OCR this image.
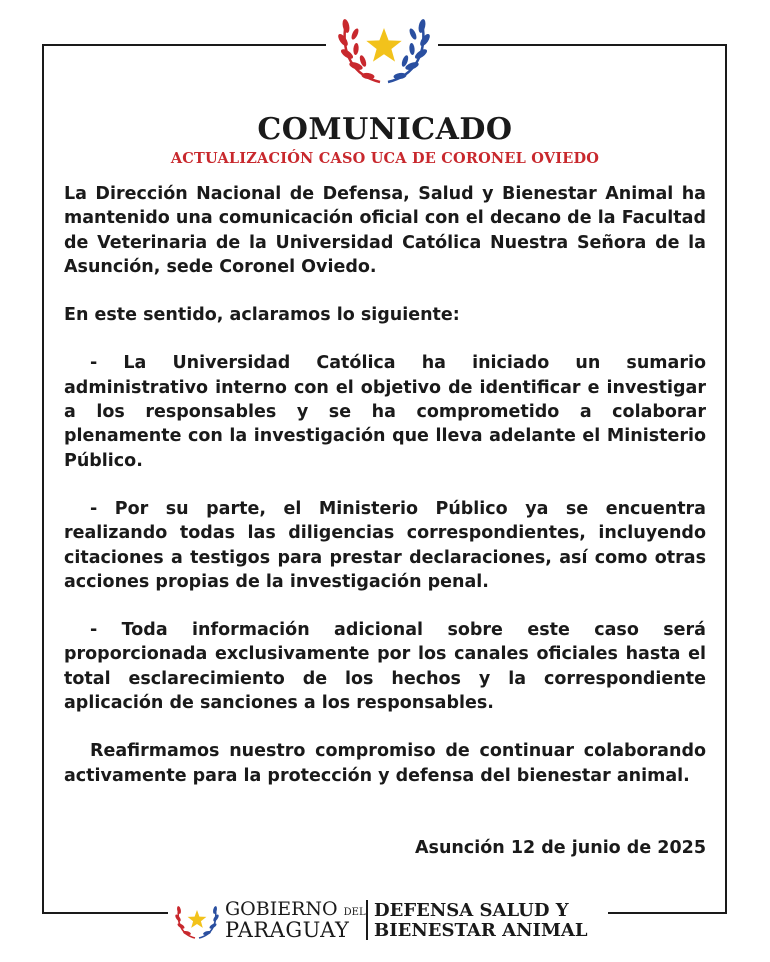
COMUNICADO
ACTUALIZACIÓN CASO UCA DE CORONEL OVIEDO

La Dirección Nacional de Defensa, Salud y Bienestar Animal ha mantenido una comunicación oficial con el decano de la Facultad de Veterinaria de la Universidad Católica Nuestra Señora de la Asunción, sede Coronel Oviedo.

En este sentido, aclaramos lo siguiente:

- La Universidad Católica ha iniciado un sumario administrativo interno con el objetivo de identificar e investigar a los responsables y se ha comprometido a colaborar plenamente con la investigación que lleva adelante el Ministerio Público.

- Por su parte, el Ministerio Público ya se encuentra realizando todas las diligencias correspondientes, incluyendo citaciones a testigos para prestar declaraciones, así como otras acciones propias de la investigación penal.

- Toda información adicional sobre este caso será proporcionada exclusivamente por los canales oficiales hasta el total esclarecimiento de los hechos y la correspondiente aplicación de sanciones a los responsables.

Reafirmamos nuestro compromiso de continuar colaborando activamente para la protección y defensa del bienestar animal.

Asunción 12 de junio de 2025

GOBIERNO DEL
PARAGUAY
DEFENSA SALUD Y
BIENESTAR ANIMAL
